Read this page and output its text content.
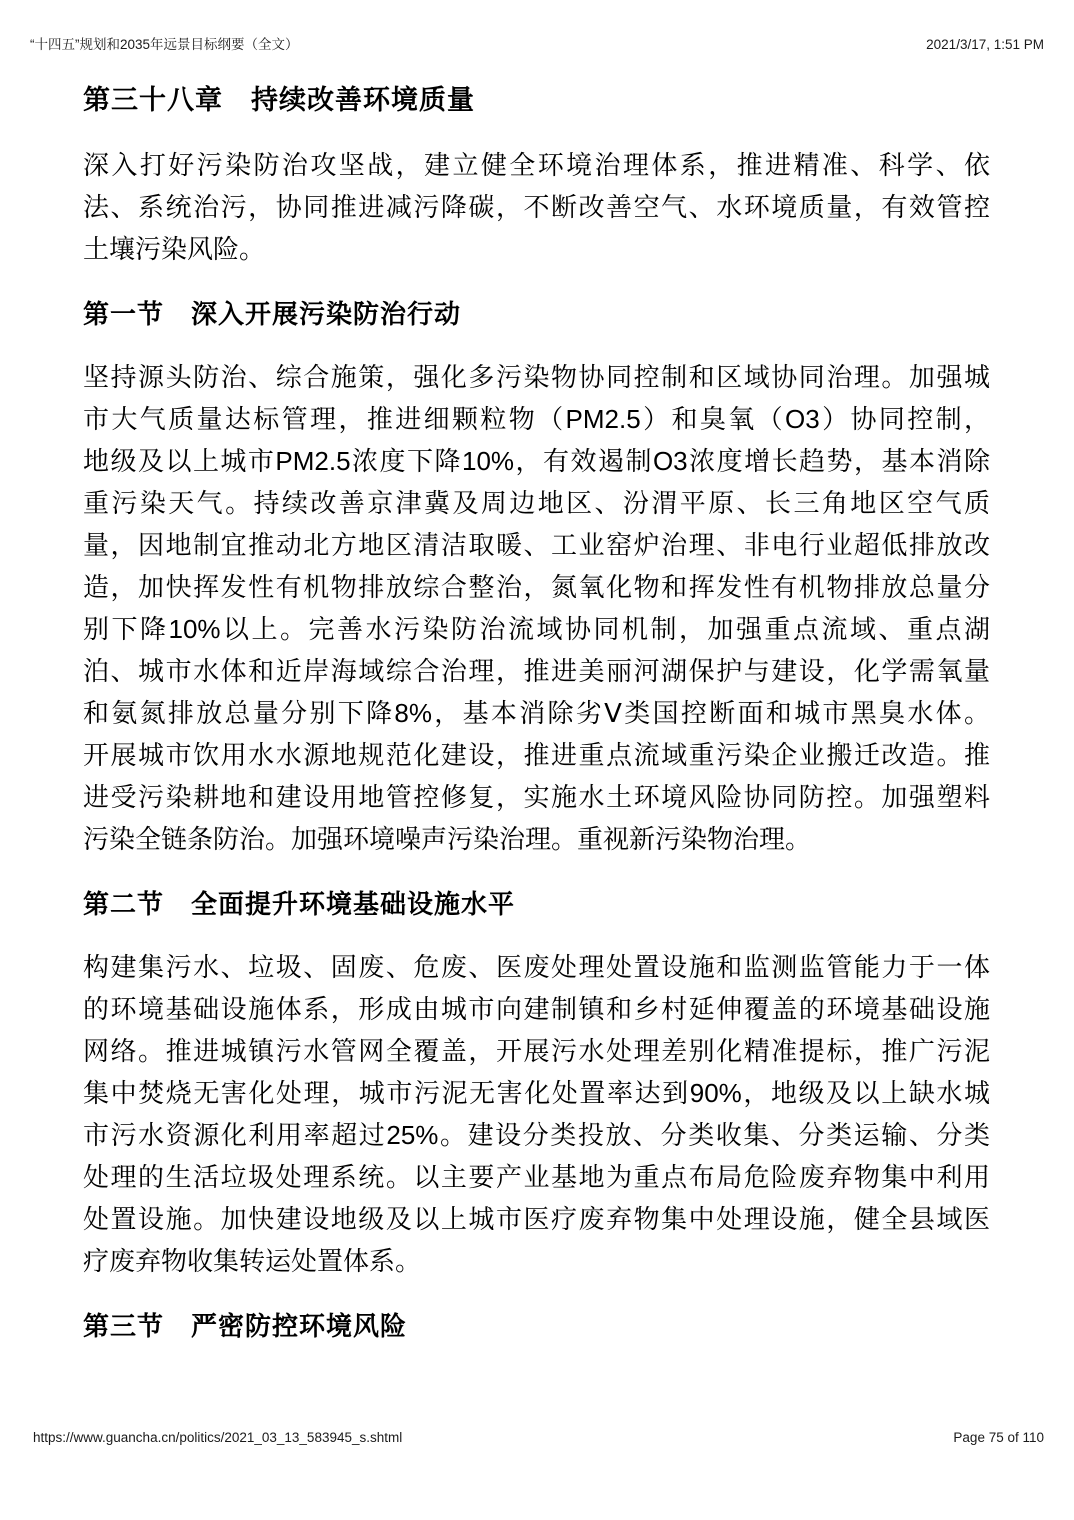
“十四五”规划和2035年远景目标纲要（全文）	2021/3/17, 1:51 PM
第三十八章　持续改善环境质量
深入打好污染防治攻坚战，建立健全环境治理体系，推进精准、科学、依
法、系统治污，协同推进减污降碳，不断改善空气、水环境质量，有效管控
土壤污染风险。
第一节　深入开展污染防治行动
坚持源头防治、综合施策，强化多污染物协同控制和区域协同治理。加强城
市大气质量达标管理，推进细颗粒物（PM2.5）和臭氧（O3）协同控制，
地级及以上城市PM2.5浓度下降10%，有效遏制O3浓度增长趋势，基本消除
重污染天气。持续改善京津冀及周边地区、汾渭平原、长三角地区空气质
量，因地制宜推动北方地区清洁取暖、工业窑炉治理、非电行业超低排放改
造，加快挥发性有机物排放综合整治，氮氧化物和挥发性有机物排放总量分
别下降10%以上。完善水污染防治流域协同机制，加强重点流域、重点湖
泊、城市水体和近岸海域综合治理，推进美丽河湖保护与建设，化学需氧量
和氨氮排放总量分别下降8%，基本消除劣Ⅴ类国控断面和城市黑臭水体。
开展城市饮用水水源地规范化建设，推进重点流域重污染企业搬迁改造。推
进受污染耕地和建设用地管控修复，实施水土环境风险协同防控。加强塑料
污染全链条防治。加强环境噪声污染治理。重视新污染物治理。
第二节　全面提升环境基础设施水平
构建集污水、垃圾、固废、危废、医废处理处置设施和监测监管能力于一体
的环境基础设施体系，形成由城市向建制镇和乡村延伸覆盖的环境基础设施
网络。推进城镇污水管网全覆盖，开展污水处理差别化精准提标，推广污泥
集中焚烧无害化处理，城市污泥无害化处置率达到90%，地级及以上缺水城
市污水资源化利用率超过25%。建设分类投放、分类收集、分类运输、分类
处理的生活垃圾处理系统。以主要产业基地为重点布局危险废弃物集中利用
处置设施。加快建设地级及以上城市医疗废弃物集中处理设施，健全县域医
疗废弃物收集转运处置体系。
第三节　严密防控环境风险
https://www.guancha.cn/politics/2021_03_13_583945_s.shtml	Page 75 of 110
